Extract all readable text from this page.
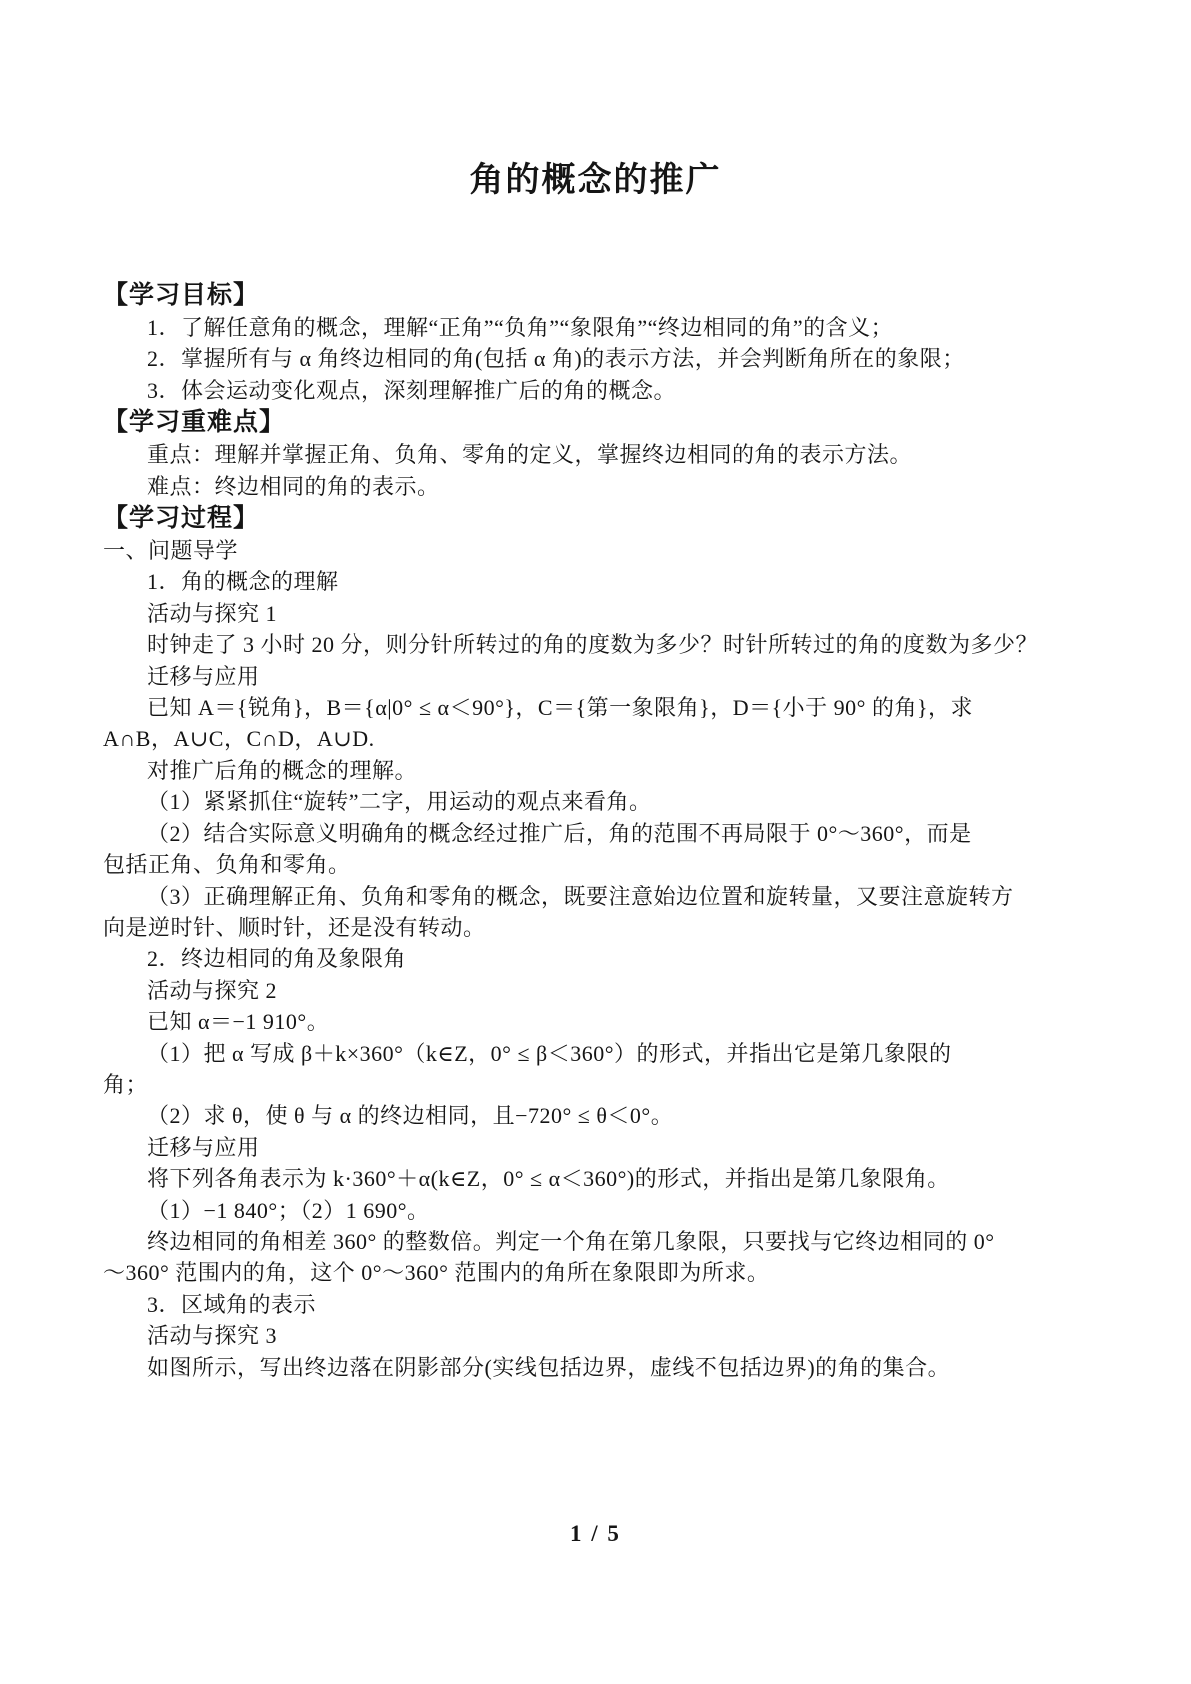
角的概念的推广
【学习目标】
1．了解任意角的概念，理解“正角”“负角”“象限角”“终边相同的角”的含义；
2．掌握所有与 α 角终边相同的角(包括 α 角)的表示方法，并会判断角所在的象限；
3．体会运动变化观点，深刻理解推广后的角的概念。
【学习重难点】
重点：理解并掌握正角、负角、零角的定义，掌握终边相同的角的表示方法。
难点：终边相同的角的表示。
【学习过程】
一、问题导学
1．角的概念的理解
活动与探究 1
时钟走了 3 小时 20 分，则分针所转过的角的度数为多少？时针所转过的角的度数为多少？
迁移与应用
已知 A＝{锐角}，B＝{α|0° ≤ α＜90°}，C＝{第一象限角}，D＝{小于 90° 的角}，求
A∩B，A∪C，C∩D，A∪D.
对推广后角的概念的理解。
（1）紧紧抓住“旋转”二字，用运动的观点来看角。
（2）结合实际意义明确角的概念经过推广后，角的范围不再局限于 0°～360°，而是
包括正角、负角和零角。
（3）正确理解正角、负角和零角的概念，既要注意始边位置和旋转量，又要注意旋转方
向是逆时针、顺时针，还是没有转动。
2．终边相同的角及象限角
活动与探究 2
已知 α＝−1 910°。
（1）把 α 写成 β＋k×360°（k∈Z，0° ≤ β＜360°）的形式，并指出它是第几象限的
角；
（2）求 θ，使 θ 与 α 的终边相同，且−720° ≤ θ＜0°。
迁移与应用
将下列各角表示为 k·360°＋α(k∈Z，0° ≤ α＜360°)的形式，并指出是第几象限角。
（1）−1 840°；（2）1 690°。
终边相同的角相差 360° 的整数倍。判定一个角在第几象限，只要找与它终边相同的 0°
～360° 范围内的角，这个 0°～360° 范围内的角所在象限即为所求。
3．区域角的表示
活动与探究 3
如图所示，写出终边落在阴影部分(实线包括边界，虚线不包括边界)的角的集合。
1 / 5
